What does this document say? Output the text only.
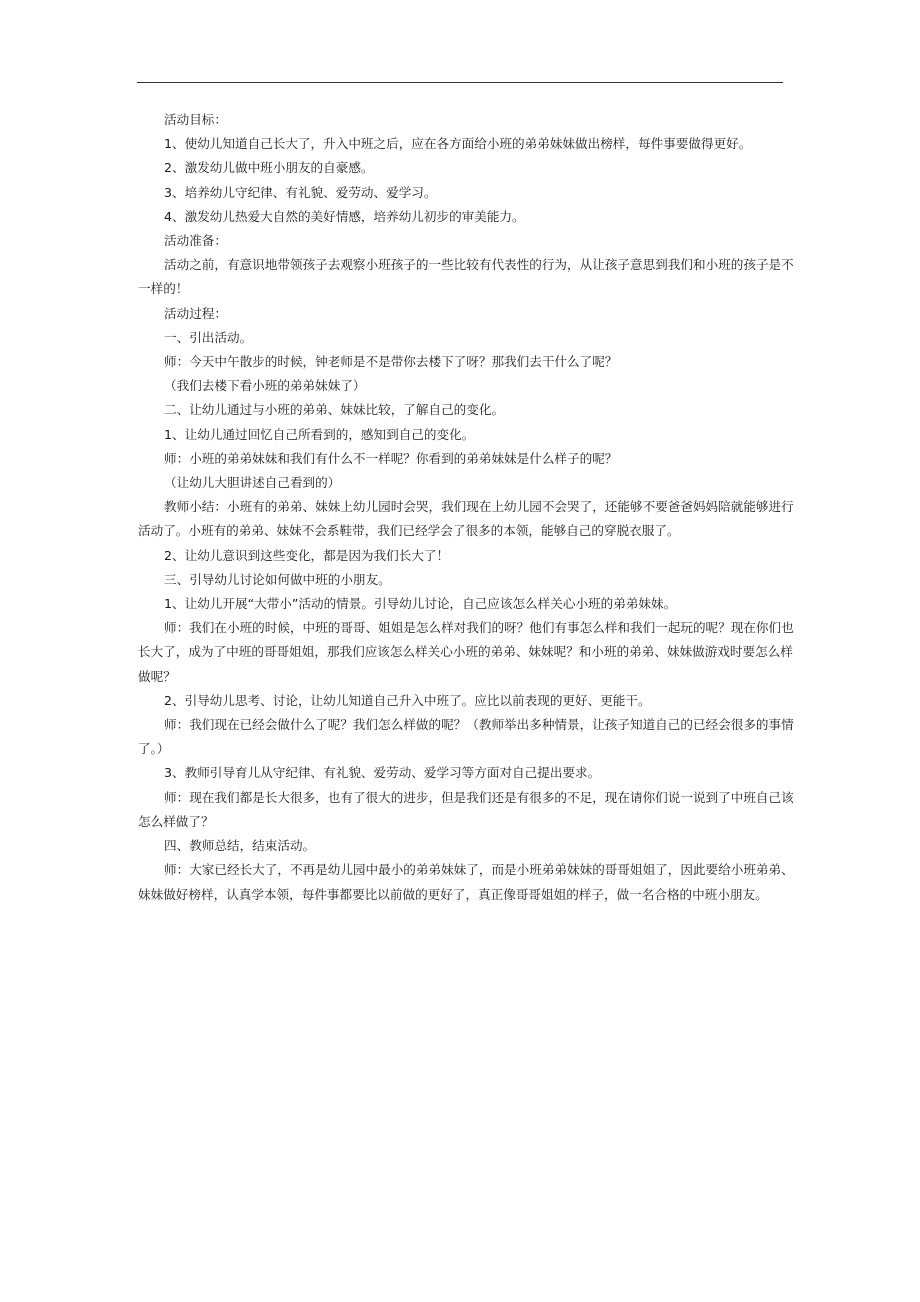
活动目标：

1、使幼儿知道自己长大了，升入中班之后，应在各方面给小班的弟弟妹妹做出榜样，每件事要做得更好。

2、激发幼儿做中班小朋友的自豪感。

3、培养幼儿守纪律、有礼貌、爱劳动、爱学习。

4、激发幼儿热爱大自然的美好情感，培养幼儿初步的审美能力。

活动准备：

活动之前，有意识地带领孩子去观察小班孩子的一些比较有代表性的行为，从让孩子意思到我们和小班的孩子是不一样的！

活动过程：

一、引出活动。

师：今天中午散步的时候，钟老师是不是带你去楼下了呀？那我们去干什么了呢？

（我们去楼下看小班的弟弟妹妹了）

二、让幼儿通过与小班的弟弟、妹妹比较，了解自己的变化。

1、让幼儿通过回忆自己所看到的，感知到自己的变化。

师：小班的弟弟妹妹和我们有什么不一样呢？你看到的弟弟妹妹是什么样子的呢？

（让幼儿大胆讲述自己看到的）

教师小结：小班有的弟弟、妹妹上幼儿园时会哭，我们现在上幼儿园不会哭了，还能够不要爸爸妈妈陪就能够进行活动了。小班有的弟弟、妹妹不会系鞋带，我们已经学会了很多的本领，能够自己的穿脱衣服了。

2、让幼儿意识到这些变化，都是因为我们长大了！

三、引导幼儿讨论如何做中班的小朋友。

1、让幼儿开展“大带小”活动的情景。引导幼儿讨论，自己应该怎么样关心小班的弟弟妹妹。

师：我们在小班的时候，中班的哥哥、姐姐是怎么样对我们的呀？他们有事怎么样和我们一起玩的呢？现在你们也长大了，成为了中班的哥哥姐姐，那我们应该怎么样关心小班的弟弟、妹妹呢？和小班的弟弟、妹妹做游戏时要怎么样做呢？

2、引导幼儿思考、讨论，让幼儿知道自己升入中班了。应比以前表现的更好、更能干。

师：我们现在已经会做什么了呢？我们怎么样做的呢？（教师举出多种情景，让孩子知道自己的已经会很多的事情了。）

3、教师引导育儿从守纪律、有礼貌、爱劳动、爱学习等方面对自己提出要求。

师：现在我们都是长大很多，也有了很大的进步，但是我们还是有很多的不足，现在请你们说一说到了中班自己该怎么样做了？

四、教师总结，结束活动。

师：大家已经长大了，不再是幼儿园中最小的弟弟妹妹了，而是小班弟弟妹妹的哥哥姐姐了，因此要给小班弟弟、妹妹做好榜样，认真学本领，每件事都要比以前做的更好了，真正像哥哥姐姐的样子，做一名合格的中班小朋友。
